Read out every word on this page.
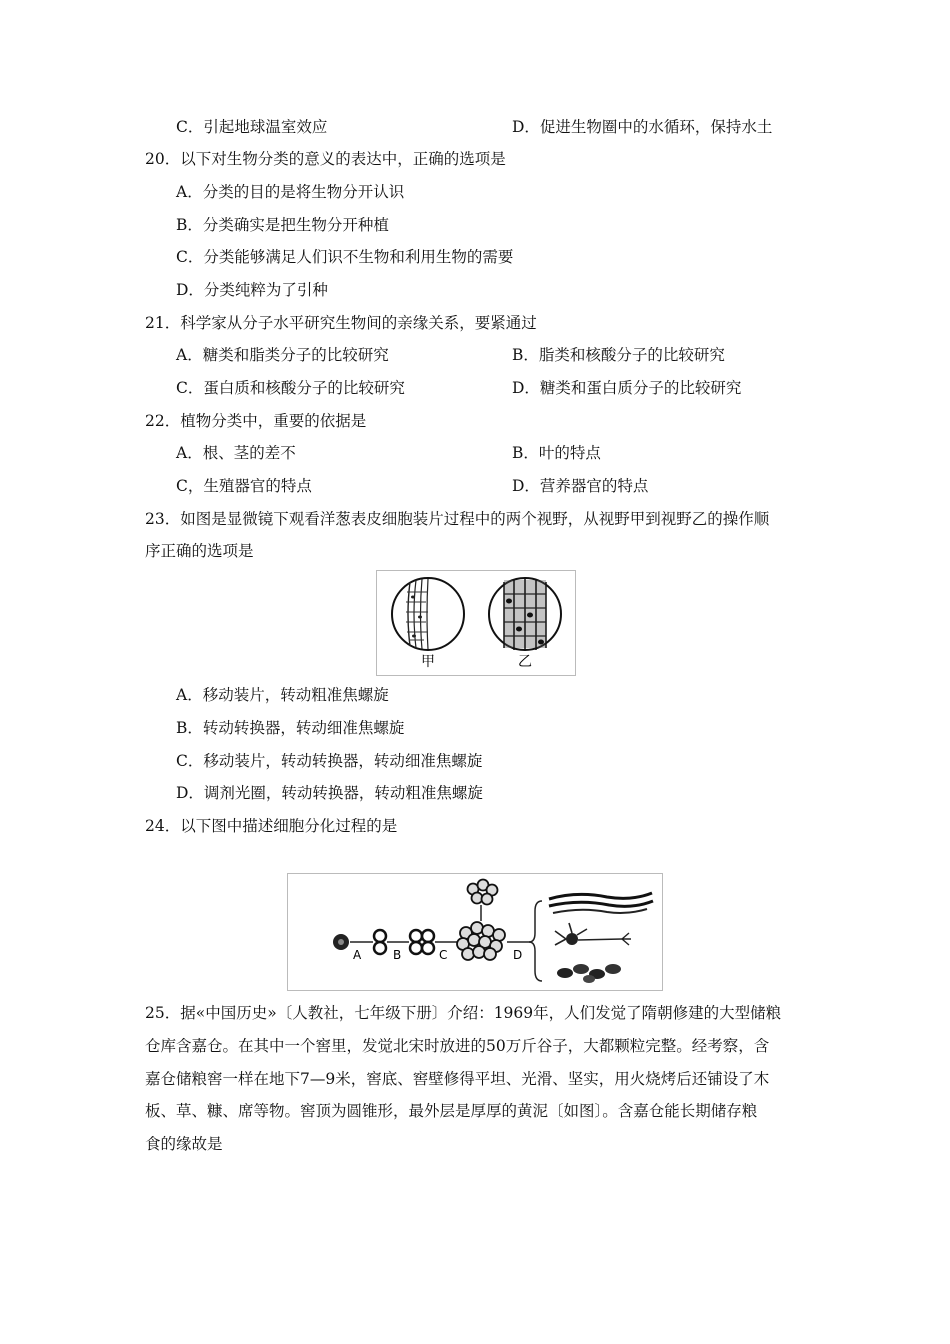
C．引起地球温室效应	D．促进生物圈中的水循环，保持水土
20．以下对生物分类的意义的表达中，正确的选项是
A．分类的目的是将生物分开认识
B．分类确实是把生物分开种植
C．分类能够满足人们识不生物和利用生物的需要
D．分类纯粹为了引种
21．科学家从分子水平研究生物间的亲缘关系，要紧通过
A．糖类和脂类分子的比较研究	B．脂类和核酸分子的比较研究
C．蛋白质和核酸分子的比较研究	D．糖类和蛋白质分子的比较研究
22．植物分类中，重要的依据是
A．根、茎的差不	B．叶的特点
C，生殖器官的特点	D．营养器官的特点
23．如图是显微镜下观看洋葱表皮细胞装片过程中的两个视野，从视野甲到视野乙的操作顺
序正确的选项是
甲	乙
A．移动装片，转动粗准焦螺旋
B．转动转换器，转动细准焦螺旋
C．移动装片，转动转换器，转动细准焦螺旋
D．调剂光圈，转动转换器，转动粗准焦螺旋
24．以下图中描述细胞分化过程的是
A	B	C	D
25．据«中国历史»〔人教社，七年级下册〕介绍：1969年，人们发觉了隋朝修建的大型储粮
仓库含嘉仓。在其中一个窖里，发觉北宋时放进的50万斤谷子，大都颗粒完整。经考察，含
嘉仓储粮窖一样在地下7—9米，窖底、窖壁修得平坦、光滑、坚实，用火烧烤后还铺设了木
板、草、糠、席等物。窖顶为圆锥形，最外层是厚厚的黄泥〔如图〕。含嘉仓能长期储存粮
食的缘故是
